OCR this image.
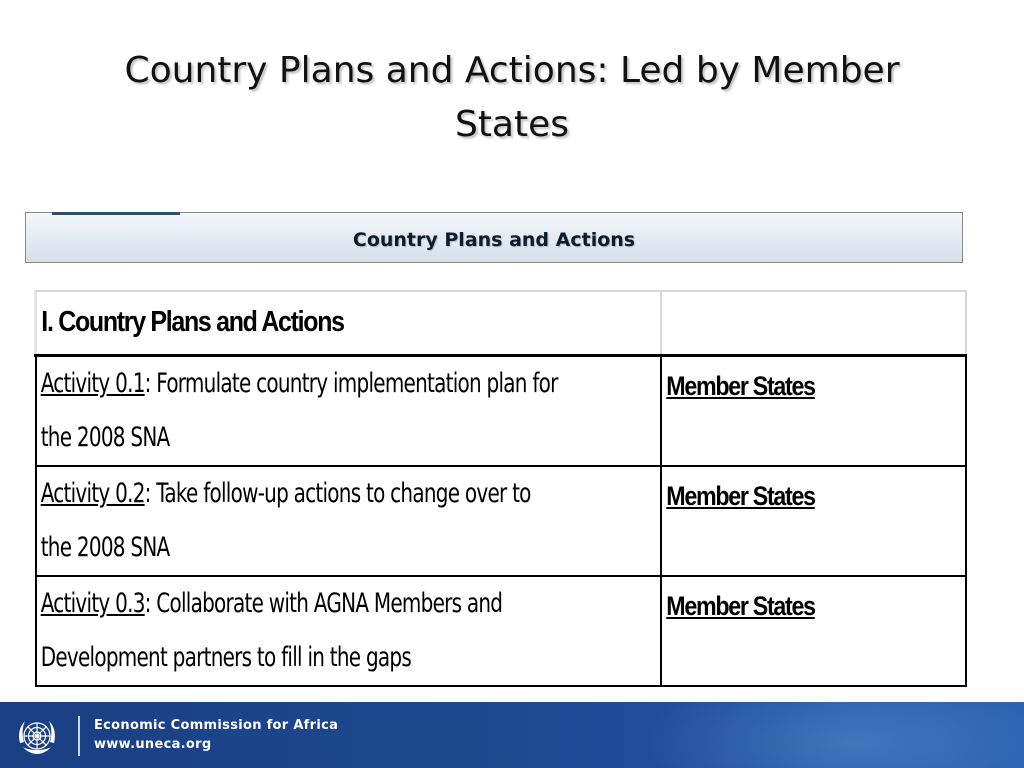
Country Plans and Actions: Led by Member
States
Country Plans and Actions
I. Country Plans and Actions	

Activity 0.1: Formulate country implementation plan for
the 2008 SNA	Member States

Activity 0.2: Take follow-up actions to change over to
the 2008 SNA	Member States

Activity 0.3: Collaborate with AGNA Members and
Development partners to fill in the gaps	Member States
Economic Commission for Africa
www.uneca.org
